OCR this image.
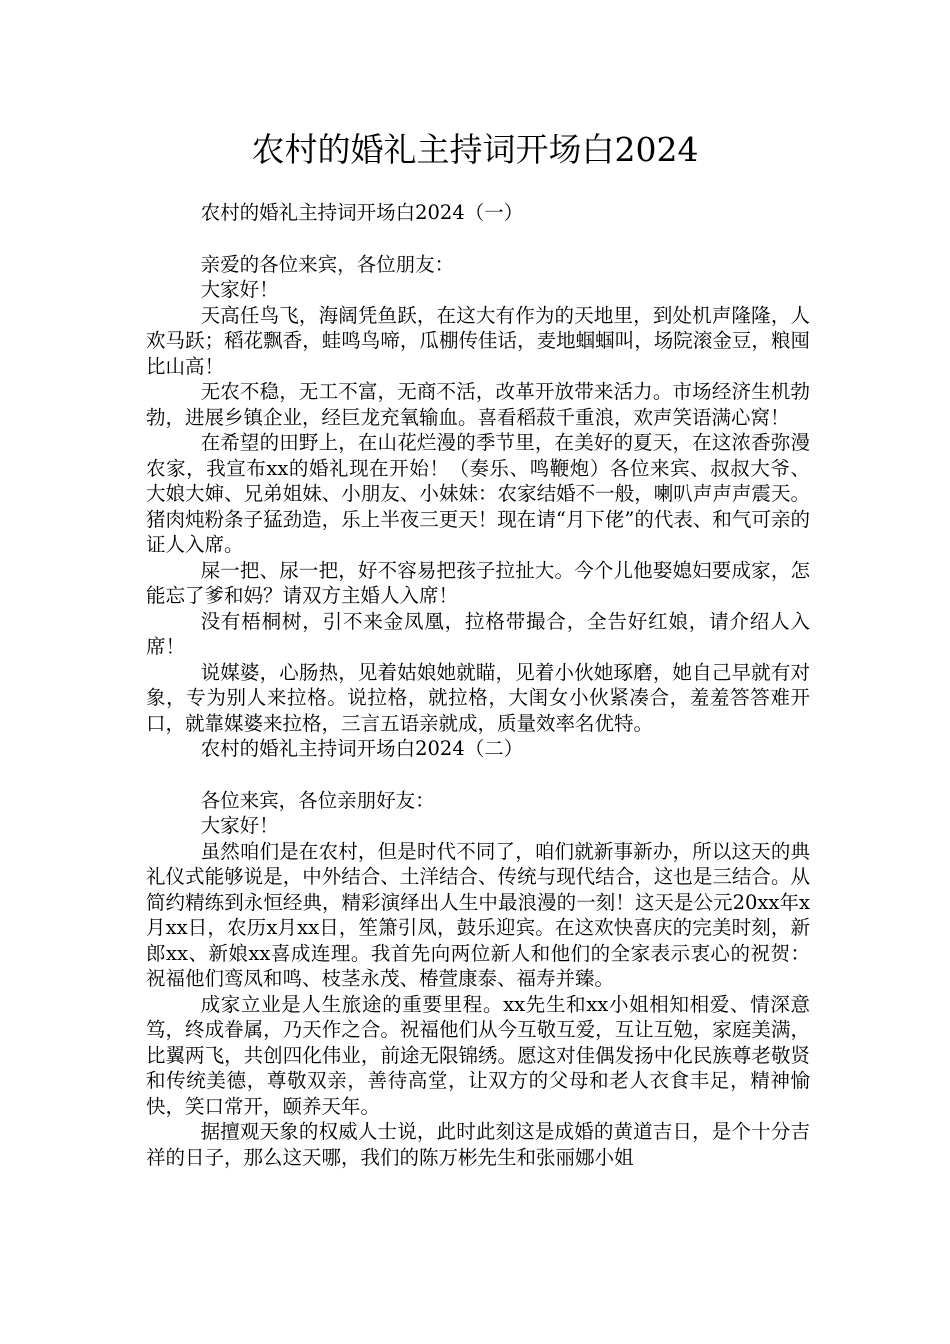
农村的婚礼主持词开场白2024

农村的婚礼主持词开场白2024（一）

亲爱的各位来宾，各位朋友：

大家好！

天高任鸟飞，海阔凭鱼跃，在这大有作为的天地里，到处机声隆隆，人欢马跃；稻花飘香，蛙鸣鸟啼，瓜棚传佳话，麦地蝈蝈叫，场院滚金豆，粮囤比山高！

无农不稳，无工不富，无商不活，改革开放带来活力。市场经济生机勃勃，进展乡镇企业，经巨龙充氧输血。喜看稻菽千重浪，欢声笑语满心窝！

在希望的田野上，在山花烂漫的季节里，在美好的夏天，在这浓香弥漫农家，我宣布xx的婚礼现在开始！（奏乐、鸣鞭炮）各位来宾、叔叔大爷、大娘大婶、兄弟姐妹、小朋友、小妹妹：农家结婚不一般，喇叭声声声震天。猪肉炖粉条子猛劲造，乐上半夜三更天！现在请“月下佬”的代表、和气可亲的证人入席。

屎一把、尿一把，好不容易把孩子拉扯大。今个儿他娶媳妇要成家，怎能忘了爹和妈？请双方主婚人入席！

没有梧桐树，引不来金凤凰，拉格带撮合，全告好红娘，请介绍人入席！

说媒婆，心肠热，见着姑娘她就瞄，见着小伙她琢磨，她自己早就有对象，专为别人来拉格。说拉格，就拉格，大闺女小伙紧凑合，羞羞答答难开口，就靠媒婆来拉格，三言五语亲就成，质量效率名优特。

农村的婚礼主持词开场白2024（二）

各位来宾，各位亲朋好友：

大家好！

虽然咱们是在农村，但是时代不同了，咱们就新事新办，所以这天的典礼仪式能够说是，中外结合、土洋结合、传统与现代结合，这也是三结合。从简约精练到永恒经典，精彩演绎出人生中最浪漫的一刻！这天是公元20xx年x月xx日，农历x月xx日，笙箫引凤，鼓乐迎宾。在这欢快喜庆的完美时刻，新郎xx、新娘xx喜成连理。我首先向两位新人和他们的全家表示衷心的祝贺：祝福他们鸾凤和鸣、枝茎永茂、椿萱康泰、福寿并臻。

成家立业是人生旅途的重要里程。xx先生和xx小姐相知相爱、情深意笃，终成眷属，乃天作之合。祝福他们从今互敬互爱，互让互勉，家庭美满，比翼两飞，共创四化伟业，前途无限锦绣。愿这对佳偶发扬中化民族尊老敬贤和传统美德，尊敬双亲，善待高堂，让双方的父母和老人衣食丰足，精神愉快，笑口常开，颐养天年。

据擅观天象的权威人士说，此时此刻这是成婚的黄道吉日，是个十分吉祥的日子，那么这天哪，我们的陈万彬先生和张丽娜小姐
